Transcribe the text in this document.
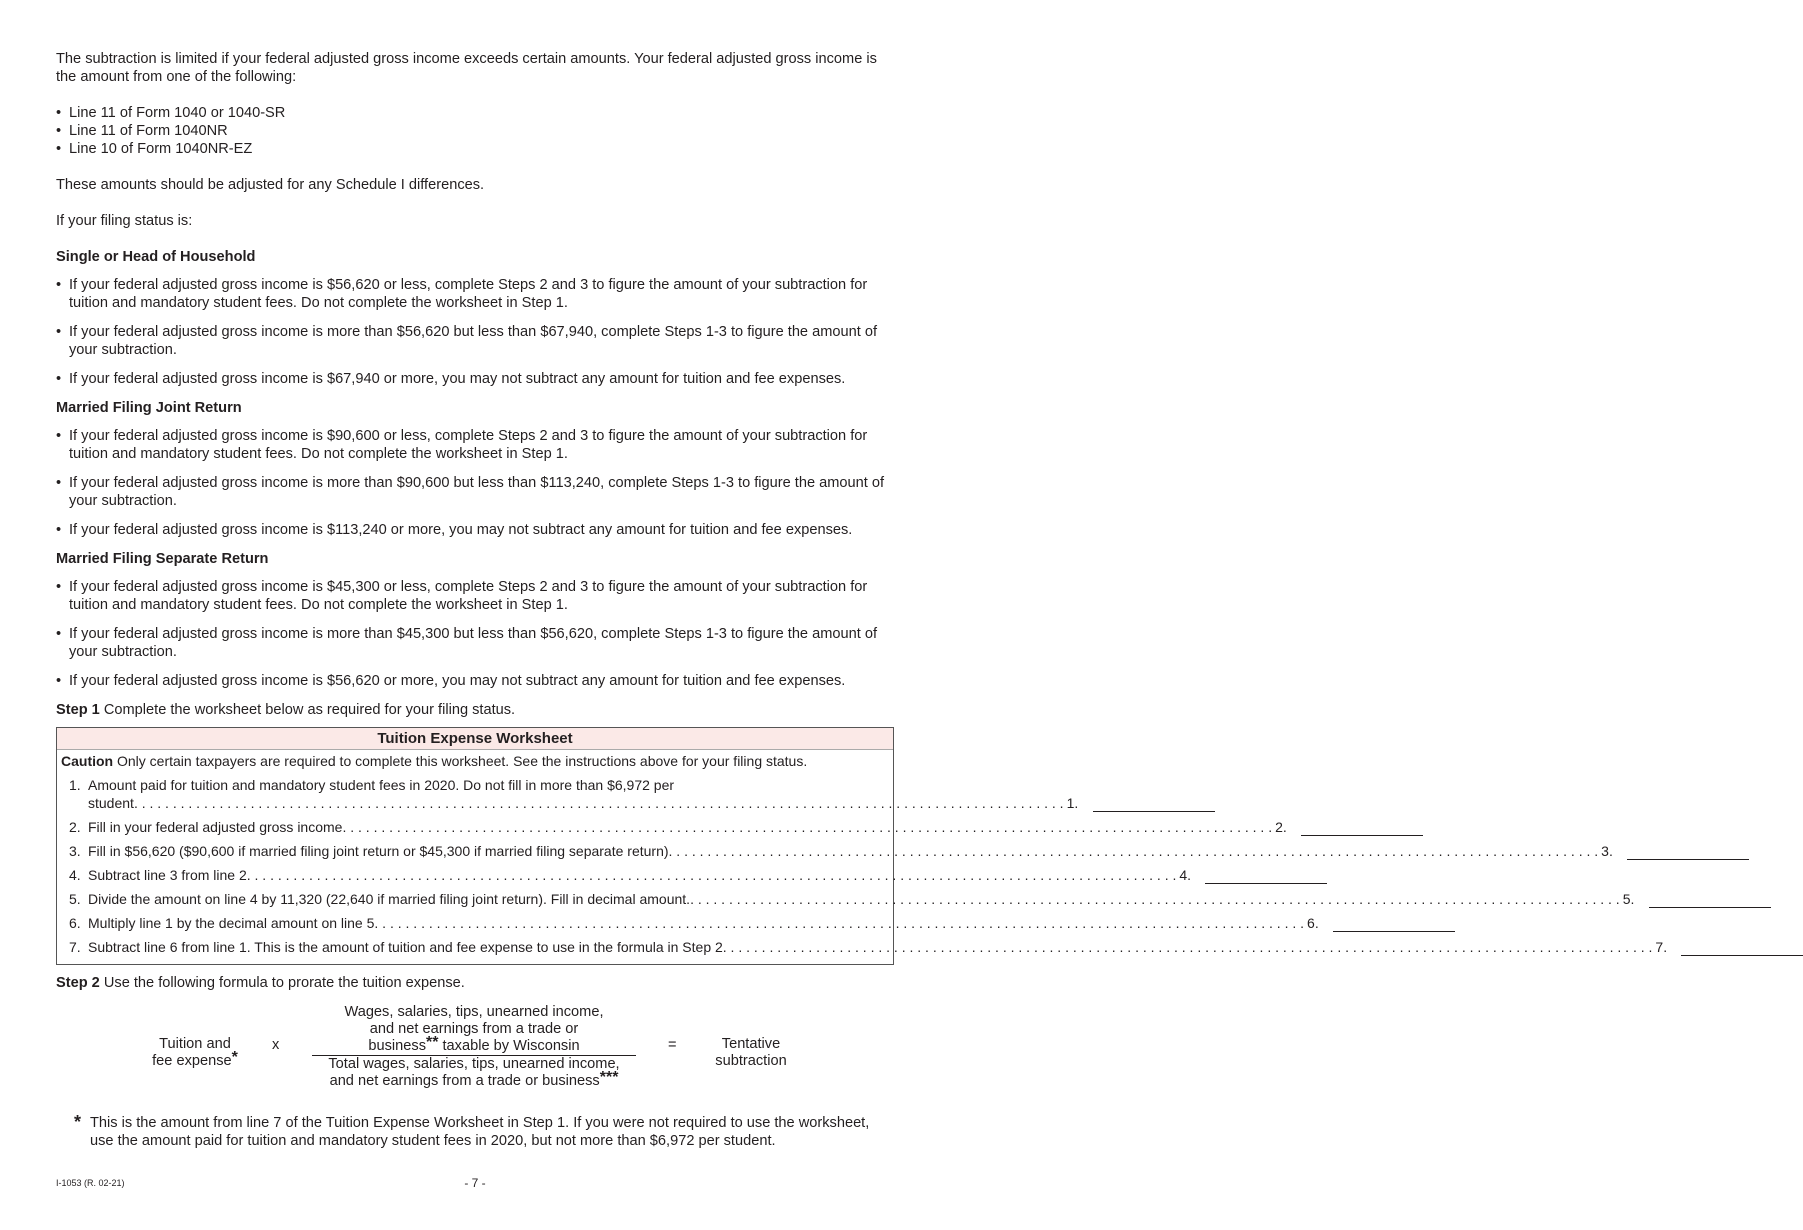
The subtraction is limited if your federal adjusted gross income exceeds certain amounts. Your federal adjusted gross income is the amount from one of the following:

• Line 11 of Form 1040 or 1040-SR
• Line 11 of Form 1040NR
• Line 10 of Form 1040NR-EZ

These amounts should be adjusted for any Schedule I differences.

If your filing status is:

Single or Head of Household

• If your federal adjusted gross income is $56,620 or less, complete Steps 2 and 3 to figure the amount of your subtraction for tuition and mandatory student fees. Do not complete the worksheet in Step 1.
• If your federal adjusted gross income is more than $56,620 but less than $67,940, complete Steps 1-3 to figure the amount of your subtraction.
• If your federal adjusted gross income is $67,940 or more, you may not subtract any amount for tuition and fee expenses.

Married Filing Joint Return

• If your federal adjusted gross income is $90,600 or less, complete Steps 2 and 3 to figure the amount of your subtraction for tuition and mandatory student fees. Do not complete the worksheet in Step 1.
• If your federal adjusted gross income is more than $90,600 but less than $113,240, complete Steps 1-3 to figure the amount of your subtraction.
• If your federal adjusted gross income is $113,240 or more, you may not subtract any amount for tuition and fee expenses.

Married Filing Separate Return

• If your federal adjusted gross income is $45,300 or less, complete Steps 2 and 3 to figure the amount of your subtraction for tuition and mandatory student fees. Do not complete the worksheet in Step 1.
• If your federal adjusted gross income is more than $45,300 but less than $56,620, complete Steps 1-3 to figure the amount of your subtraction.
• If your federal adjusted gross income is $56,620 or more, you may not subtract any amount for tuition and fee expenses.

Step 1 Complete the worksheet below as required for your filing status.

Tuition Expense Worksheet
Caution Only certain taxpayers are required to complete this worksheet. See the instructions above for your filing status.
1. Amount paid for tuition and mandatory student fees in 2020. Do not fill in more than $6,972 per

student . . . . . . . . . . . . . . . . . . . . . . . . . . . . . . . . . . . . . . . . . . . . . . . . . . . . . . . . . . . . . . . . . . . . . . . . . . . . . . . . . . . . . . . . . . . . . . . . . . . . . . . . . . . . . . . . . . . . . . . . 1.
2. Fill in your federal adjusted gross income. . . . . . . . . . . . . . . . . . . . . . . . . . . . . . . . . . . . . . . . . . . . . . . . . . . . . . . . . . . . . . . . . . . . . . . . . . . . . . . . . . . . . . . . . . . . . . . . . . . . . . . . . . . . . . . . . . . . . . . . 2.
3. Fill in $56,620 ($90,600 if married filing joint return or $45,300 if married filing separate return). . . . . . . . . . . . . . . . . . . . . . . . . . . . . . . . . . . . . . . . . . . . . . . . . . . . . . . . . . . . . . . . . . . . . . . . . . . . . . . . . . . . . . . . . . . . . . . . . . . . . . . . . . . . . . . . . . . . . . . . 3.
4. Subtract line 3 from line 2. . . . . . . . . . . . . . . . . . . . . . . . . . . . . . . . . . . . . . . . . . . . . . . . . . . . . . . . . . . . . . . . . . . . . . . . . . . . . . . . . . . . . . . . . . . . . . . . . . . . . . . . . . . . . . . . . . . . . . . . 4.
5. Divide the amount on line 4 by 11,320 (22,640 if married filing joint return). Fill in decimal amount.. . . . . . . . . . . . . . . . . . . . . . . . . . . . . . . . . . . . . . . . . . . . . . . . . . . . . . . . . . . . . . . . . . . . . . . . . . . . . . . . . . . . . . . . . . . . . . . . . . . . . . . . . . . . . . . . . . . . . . . . 5.
6. Multiply line 1 by the decimal amount on line 5. . . . . . . . . . . . . . . . . . . . . . . . . . . . . . . . . . . . . . . . . . . . . . . . . . . . . . . . . . . . . . . . . . . . . . . . . . . . . . . . . . . . . . . . . . . . . . . . . . . . . . . . . . . . . . . . . . . . . . . . 6.
7. Subtract line 6 from line 1. This is the amount of tuition and fee expense to use in the formula in Step 2. . . . . . . . . . . . . . . . . . . . . . . . . . . . . . . . . . . . . . . . . . . . . . . . . . . . . . . . . . . . . . . . . . . . . . . . . . . . . . . . . . . . . . . . . . . . . . . . . . . . . . . . . . . . . . . . . . . . . . . . 7.

Step 2 Use the following formula to prorate the tuition expense.

Tuition and
fee expense*
x
Wages, salaries, tips, unearned income,
and net earnings from a trade or
business** taxable by Wisconsin
Total wages, salaries, tips, unearned income,
and net earnings from a trade or business***
=	Tentative
subtraction
* This is the amount from line 7 of the Tuition Expense Worksheet in Step 1. If you were not required to use the worksheet, use the amount paid for tuition and mandatory student fees in 2020, but not more than $6,972 per student.
I-1053 (R. 02-21)	- 7 -
